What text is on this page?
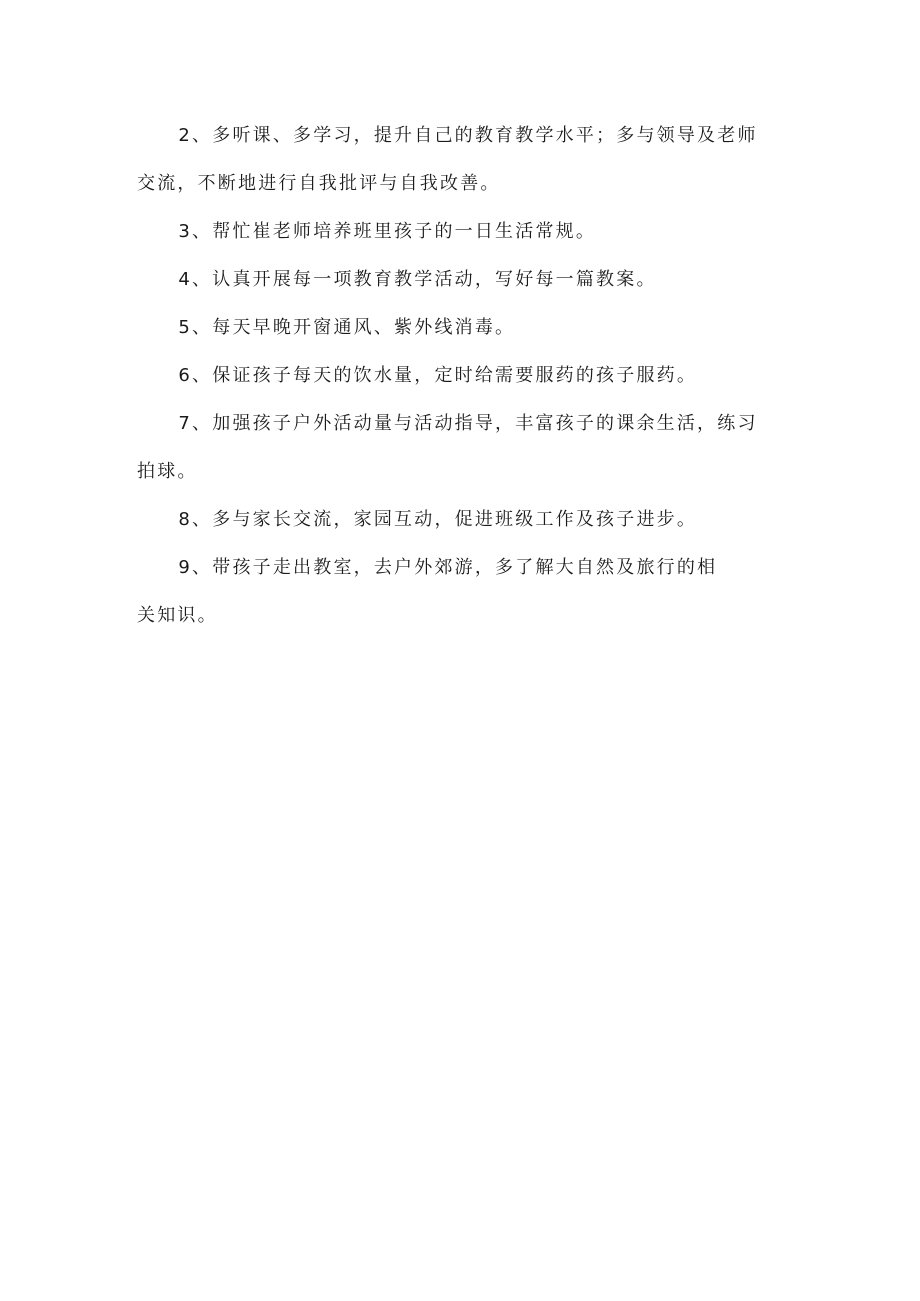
2、多听课、多学习，提升自己的教育教学水平；多与领导及老师交流，不断地进行自我批评与自我改善。

3、帮忙崔老师培养班里孩子的一日生活常规。

4、认真开展每一项教育教学活动，写好每一篇教案。

5、每天早晚开窗通风、紫外线消毒。

6、保证孩子每天的饮水量，定时给需要服药的孩子服药。

7、加强孩子户外活动量与活动指导，丰富孩子的课余生活，练习拍球。

8、多与家长交流，家园互动，促进班级工作及孩子进步。

9、带孩子走出教室，去户外郊游，多了解大自然及旅行的相关知识。
